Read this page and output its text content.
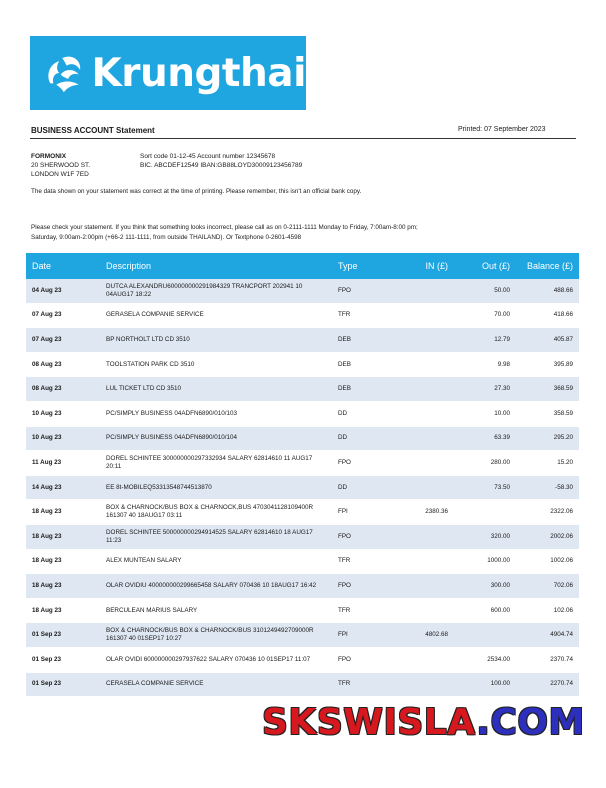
Krungthai
BUSINESS ACCOUNT Statement	Printed: 07 September 2023
FORMONIX
20 SHERWOOD ST.
LONDON W1F 7ED
Sort code 01-12-45 Account number 12345678
BIC. ABCDEF12549 IBAN:GB88LOYD30009123456789
The data shown on your statement was correct at the time of printing. Please remember, this isn't an official bank copy.
Please check your statement. If you think that something looks incorrect, please call as on 0-2111-1111 Monday to Friday, 7:00am-8:00 pm; Saturday, 9:00am-2:00pm (+66-2 111-1111, from outside THAILAND). Or Textphone 0-2601-4598
Date	Description	Type	IN (£)	Out (£)	Balance (£)
04 Aug 23	DUTCA ALEXANDRU600000000291984329 TRANCPORT 202941 10 04AUG17 18:22	FPO		50.00	488.66
07 Aug 23	GERASELA COMPANIE SERVICE	TFR		70.00	418.66
07 Aug 23	BP NORTHOLT LTD CD 3510	DEB		12.79	405.87
08 Aug 23	TOOLSTATION PARK CD 3510	DEB		9.98	395.89
08 Aug 23	LUL TICKET LTD CD 3510	DEB		27.30	368.59
10 Aug 23	PC/SIMPLY BUSINESS 04ADFN6890/010/103	DD		10.00	358.59
10 Aug 23	PC/SIMPLY BUSINESS 04ADFN6890/010/104	DD		63.39	295.20
11 Aug 23	DOREL SCHINTEE 300000000297332934 SALARY 62814610 11 AUG17 20:11	FPO		280.00	15.20
14 Aug 23	EE 8t-MOBILEQ53313548744513870	DD		73.50	-58.30
18 Aug 23	BOX & CHARNOCK/BUS BOX & CHARNOCK,BUS 4703041128109400R 161307 40 18AUG17 03:11	FPI	2380.36		2322.06
18 Aug 23	DOREL SCHINTEE 500000000294914525 SALARY 62814610 18 AUG17 11:23	FPO		320.00	2002.06
18 Aug 23	ALEX MUNTEAN SALARY	TFR		1000.00	1002.06
18 Aug 23	OLAR OVIDIU 400000000299665458 SALARY 070436 10 18AUG17 16:42	FPO		300.00	702.06
18 Aug 23	BERCULEAN MARIUS SALARY	TFR		600.00	102.06
01 Sep 23	BOX & CHARNOCK/BUS BOX & CHARNOCK/BUS 3101249492709000R 161307 40 01SEP17 10:27	FPI	4802.68		4904.74
01 Sep 23	OLAR OVIDI 600000000297937622 SALARY 070436 10 01SEP17 11:07	FPO		2534.00	2370.74
01 Sep 23	CERASELA COMPANIE SERVICE	TFR		100.00	2270.74
SKSWISLA.COM
